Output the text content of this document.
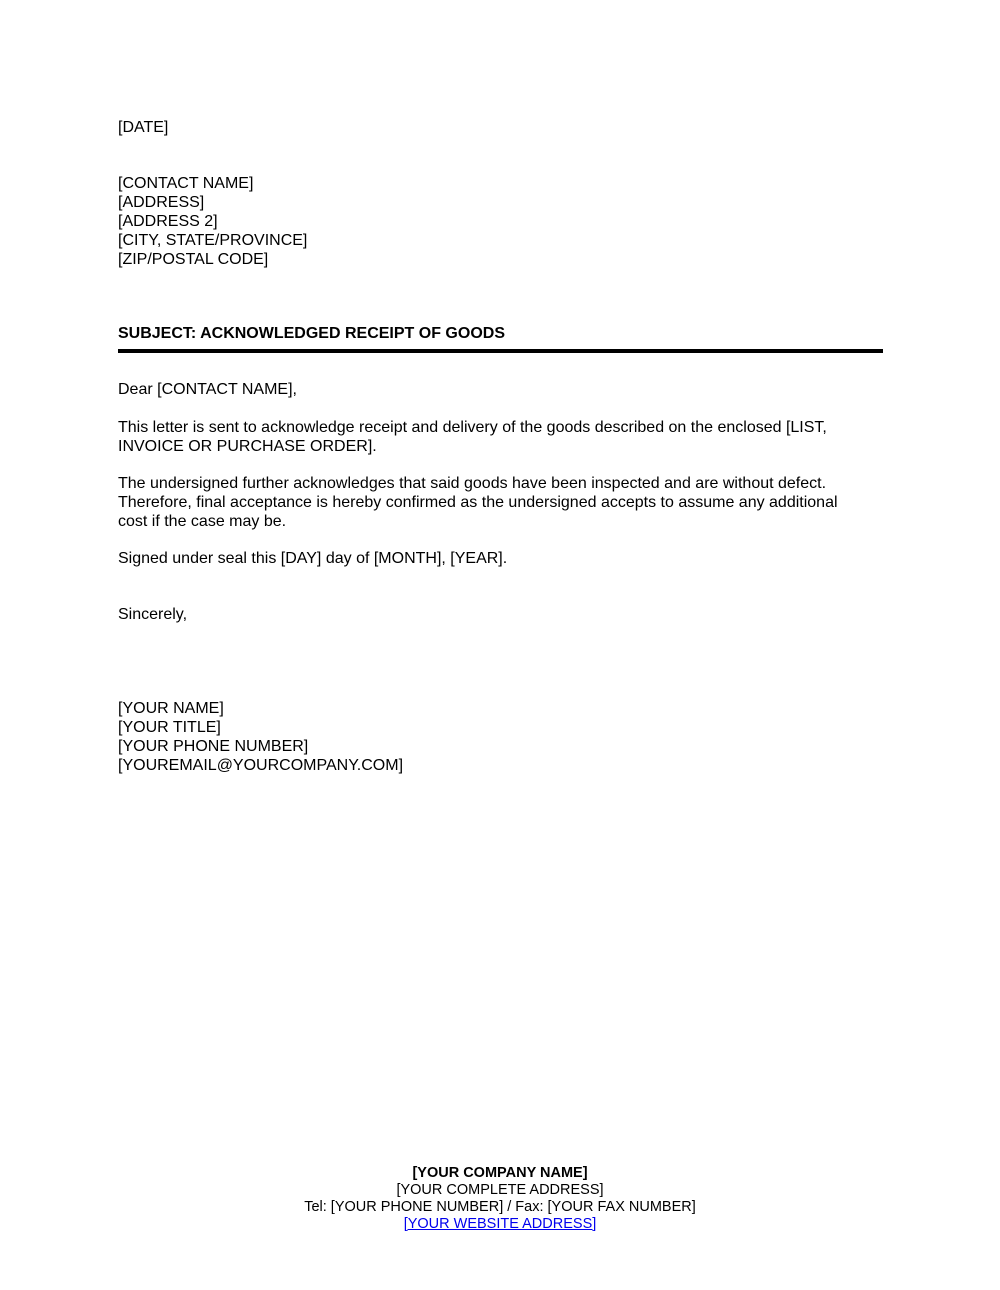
[DATE]
[CONTACT NAME]
[ADDRESS]
[ADDRESS 2]
[CITY, STATE/PROVINCE]
[ZIP/POSTAL CODE]
SUBJECT: ACKNOWLEDGED RECEIPT OF GOODS
Dear [CONTACT NAME],
This letter is sent to acknowledge receipt and delivery of the goods described on the enclosed [LIST,
INVOICE OR PURCHASE ORDER].
The undersigned further acknowledges that said goods have been inspected and are without defect.
Therefore, final acceptance is hereby confirmed as the undersigned accepts to assume any additional
cost if the case may be.
Signed under seal this [DAY] day of [MONTH], [YEAR].
Sincerely,
[YOUR NAME]
[YOUR TITLE]
[YOUR PHONE NUMBER]
[YOUREMAIL@YOURCOMPANY.COM]
[YOUR COMPANY NAME]
[YOUR COMPLETE ADDRESS]
Tel: [YOUR PHONE NUMBER] / Fax: [YOUR FAX NUMBER]
[YOUR WEBSITE ADDRESS]
